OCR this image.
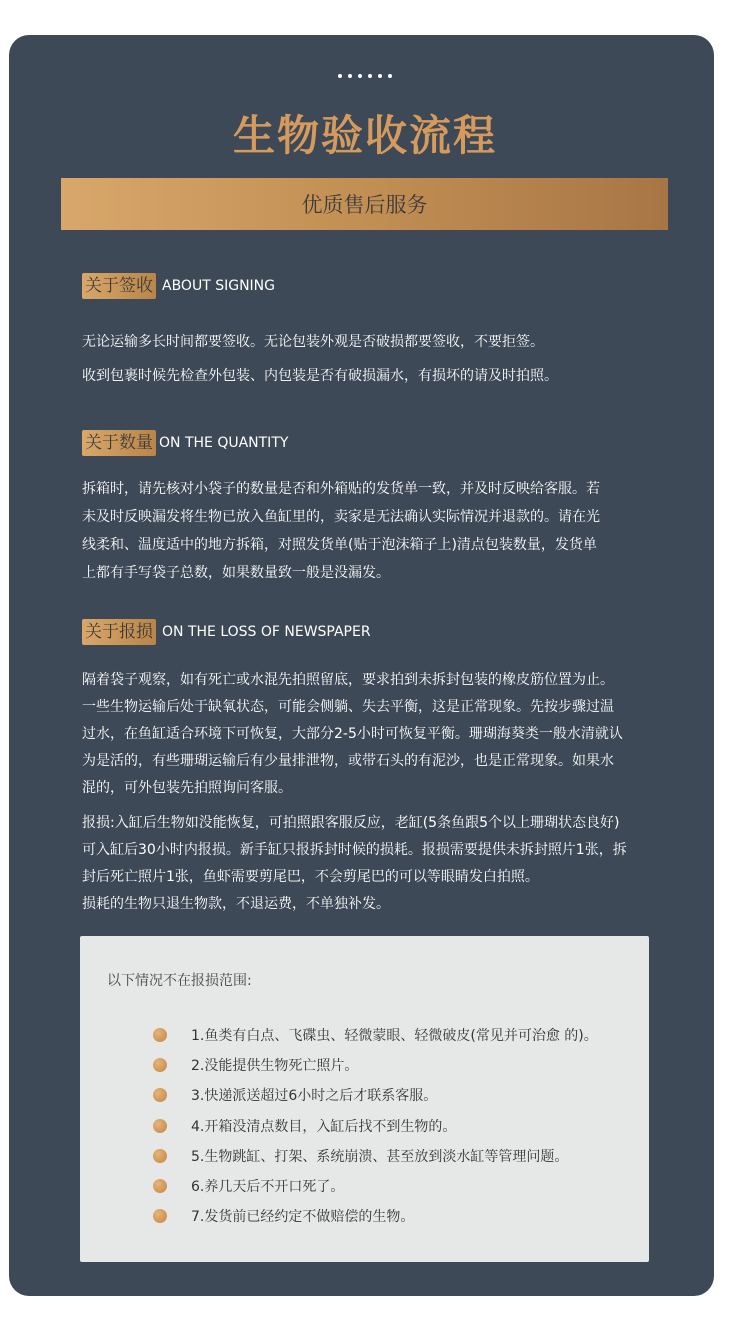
生物验收流程
优质售后服务
关于签收 ABOUT SIGNING
无论运输多长时间都要签收。无论包装外观是否破损都要签收，不要拒签。
收到包裹时候先检查外包装、内包装是否有破损漏水，有损坏的请及时拍照。
关于数量 ON THE QUANTITY
拆箱时，请先核对小袋子的数量是否和外箱贴的发货单一致，并及时反映给客服。若
未及时反映漏发将生物已放入鱼缸里的，卖家是无法确认实际情况并退款的。请在光
线柔和、温度适中的地方拆箱，对照发货单(贴于泡沫箱子上)清点包装数量，发货单
上都有手写袋子总数，如果数量致一般是没漏发。
关于报损 ON THE LOSS OF NEWSPAPER
隔着袋子观察，如有死亡或水混先拍照留底，要求拍到未拆封包装的橡皮筋位置为止。
一些生物运输后处于缺氧状态，可能会侧躺、失去平衡，这是正常现象。先按步骤过温
过水，在鱼缸适合环境下可恢复，大部分2-5小时可恢复平衡。珊瑚海葵类一般水清就认
为是活的，有些珊瑚运输后有少量排泄物，或带石头的有泥沙，也是正常现象。如果水
混的，可外包装先拍照询问客服。
报损:入缸后生物如没能恢复，可拍照跟客服反应，老缸(5条鱼跟5个以上珊瑚状态良好)
可入缸后30小时内报损。新手缸只报拆封时候的损耗。报损需要提供未拆封照片1张，拆
封后死亡照片1张，鱼虾需要剪尾巴，不会剪尾巴的可以等眼睛发白拍照。
损耗的生物只退生物款，不退运费，不单独补发。
以下情况不在报损范围:
1.鱼类有白点、飞碟虫、轻微蒙眼、轻微破皮(常见并可治愈 的)。
2.没能提供生物死亡照片。
3.快递派送超过6小时之后才联系客服。
4.开箱没清点数目，入缸后找不到生物的。
5.生物跳缸、打架、系统崩溃、甚至放到淡水缸等管理问题。
6.养几天后不开口死了。
7.发货前已经约定不做赔偿的生物。
